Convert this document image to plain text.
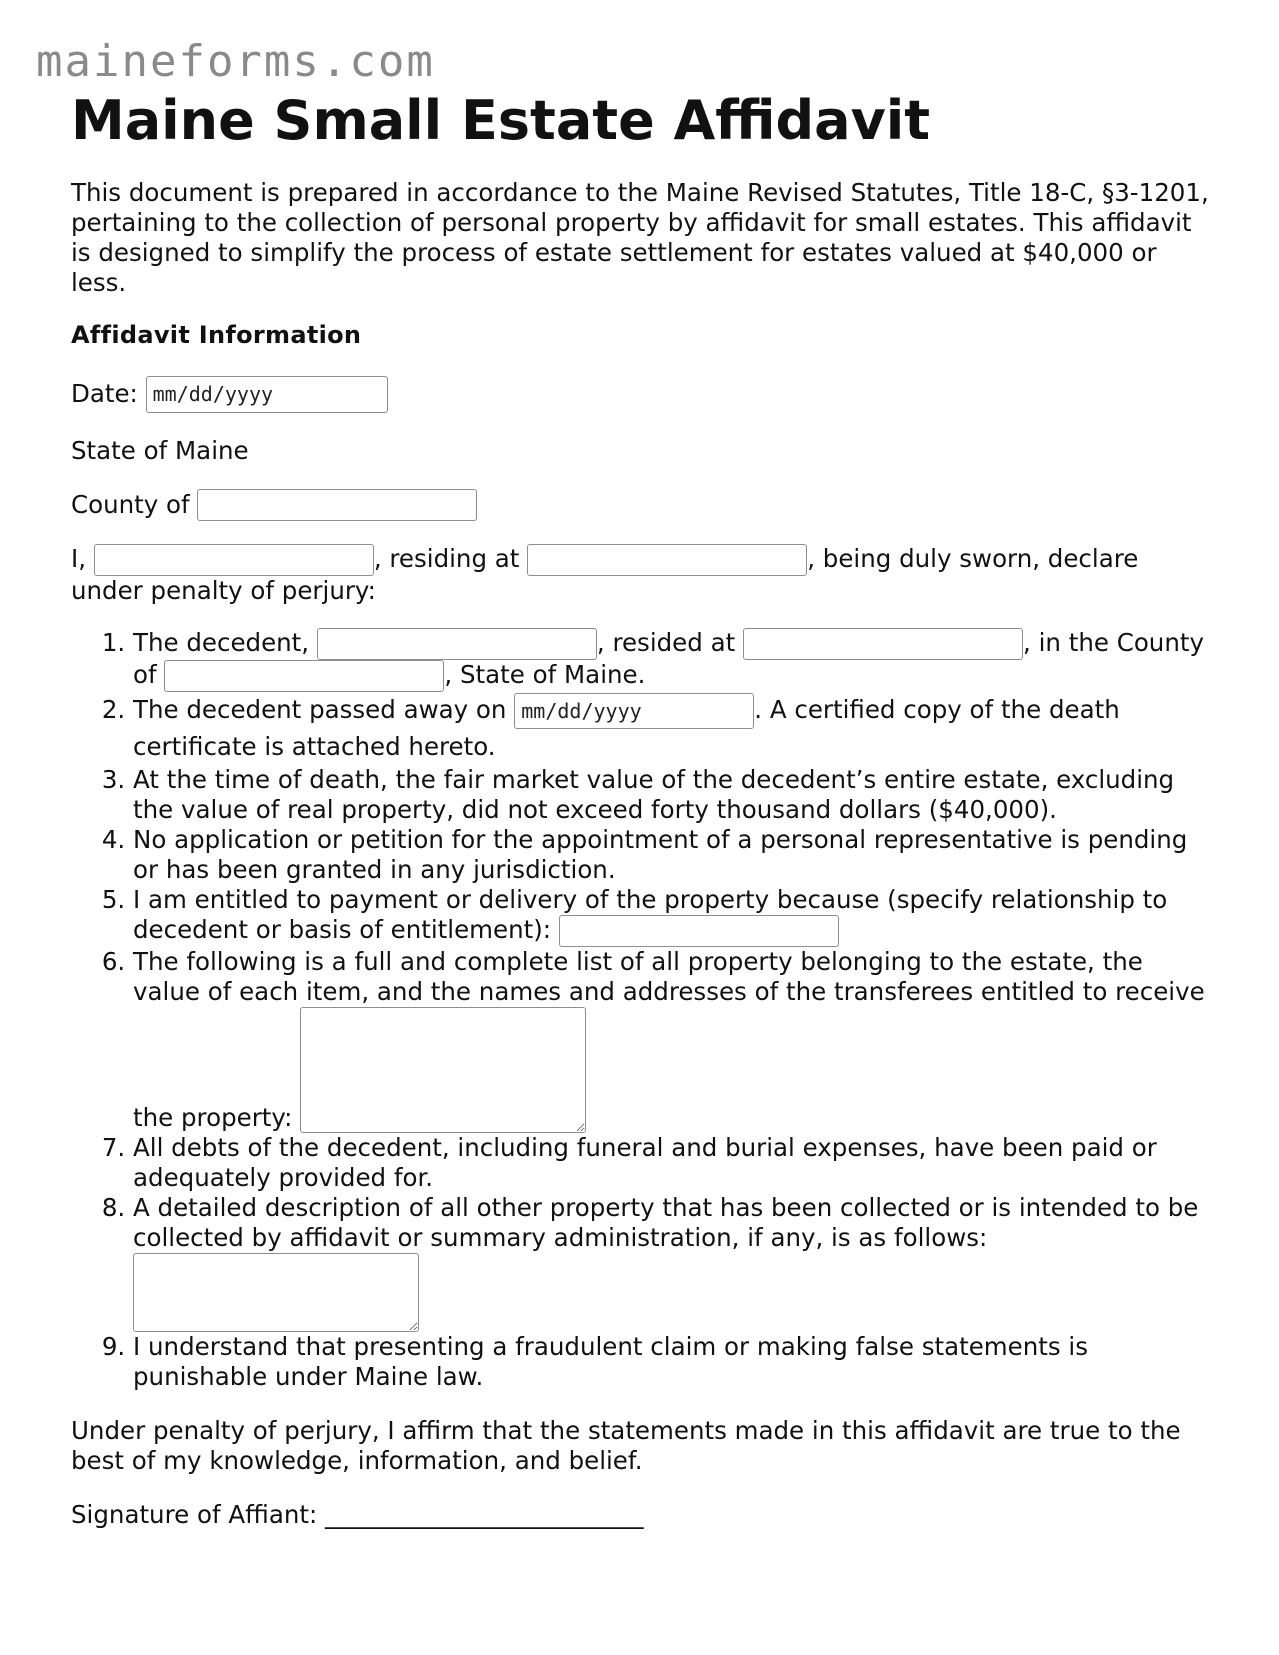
maineforms.com
Maine Small Estate Affidavit

This document is prepared in accordance to the Maine Revised Statutes, Title 18-C, §3-1201, pertaining to the collection of personal property by affidavit for small estates. This affidavit is designed to simplify the process of estate settlement for estates valued at $40,000 or less.

Affidavit Information
Date:
mm/dd/yyyy
State of Maine
County of

I,	, residing at	, being duly sworn, declare under penalty of perjury:
1. The decedent,	, resided at	, in the County of	, State of Maine.
2. The decedent passed away on mm/dd/yyyy	. A certified copy of the death certificate is attached hereto.
3. At the time of death, the fair market value of the decedent’s entire estate, excluding the value of real property, did not exceed forty thousand dollars ($40,000).
4. No application or petition for the appointment of a personal representative is pending or has been granted in any jurisdiction.
5. I am entitled to payment or delivery of the property because (specify relationship to decedent or basis of entitlement):
6. The following is a full and complete list of all property belonging to the estate, the value of each item, and the names and addresses of the transferees entitled to receive the property:
7. All debts of the decedent, including funeral and burial expenses, have been paid or adequately provided for.
8. A detailed description of all other property that has been collected or is intended to be collected by affidavit or summary administration, if any, is as follows:
9. I understand that presenting a fraudulent claim or making false statements is punishable under Maine law.
Under penalty of perjury, I affirm that the statements made in this affidavit are true to the best of my knowledge, information, and belief.
Signature of Affiant: __________________________
